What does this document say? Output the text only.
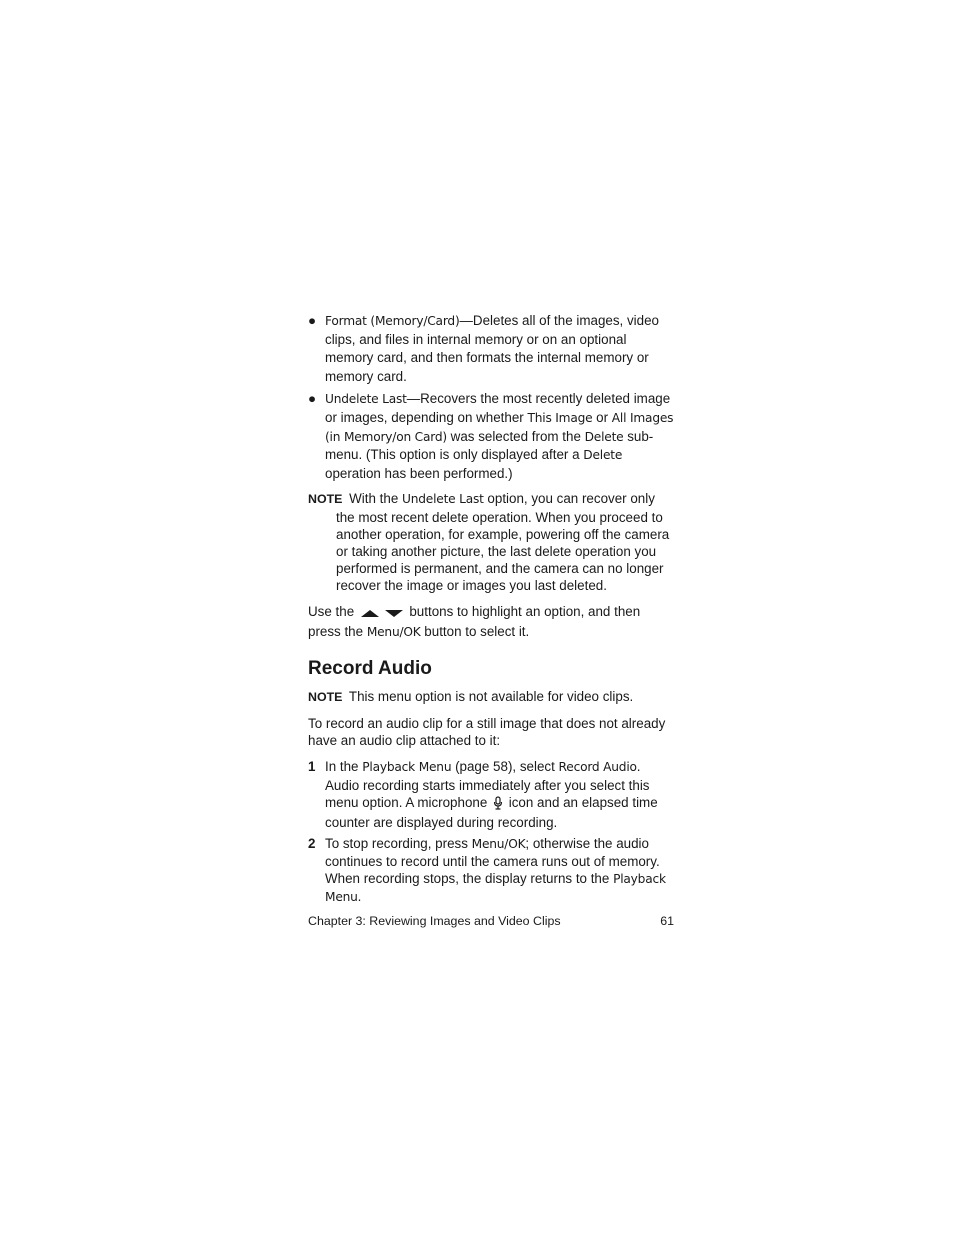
● Format (Memory/Card)—Deletes all of the images, video clips, and files in internal memory or on an optional memory card, and then formats the internal memory or memory card.
● Undelete Last—Recovers the most recently deleted image or images, depending on whether This Image or All Images (in Memory/on Card) was selected from the Delete sub-menu. (This option is only displayed after a Delete operation has been performed.)

NOTE With the Undelete Last option, you can recover only the most recent delete operation. When you proceed to another operation, for example, powering off the camera or taking another picture, the last delete operation you performed is permanent, and the camera can no longer recover the image or images you last deleted.

Use the	buttons to highlight an option, and then press the Menu/OK button to select it.

Record Audio

NOTE This menu option is not available for video clips.

To record an audio clip for a still image that does not already have an audio clip attached to it:

1 In the Playback Menu (page 58), select Record Audio. Audio recording starts immediately after you select this menu option. A microphone icon and an elapsed time counter are displayed during recording.
2 To stop recording, press Menu/OK; otherwise the audio continues to record until the camera runs out of memory. When recording stops, the display returns to the Playback Menu.
Chapter 3: Reviewing Images and Video Clips	61
